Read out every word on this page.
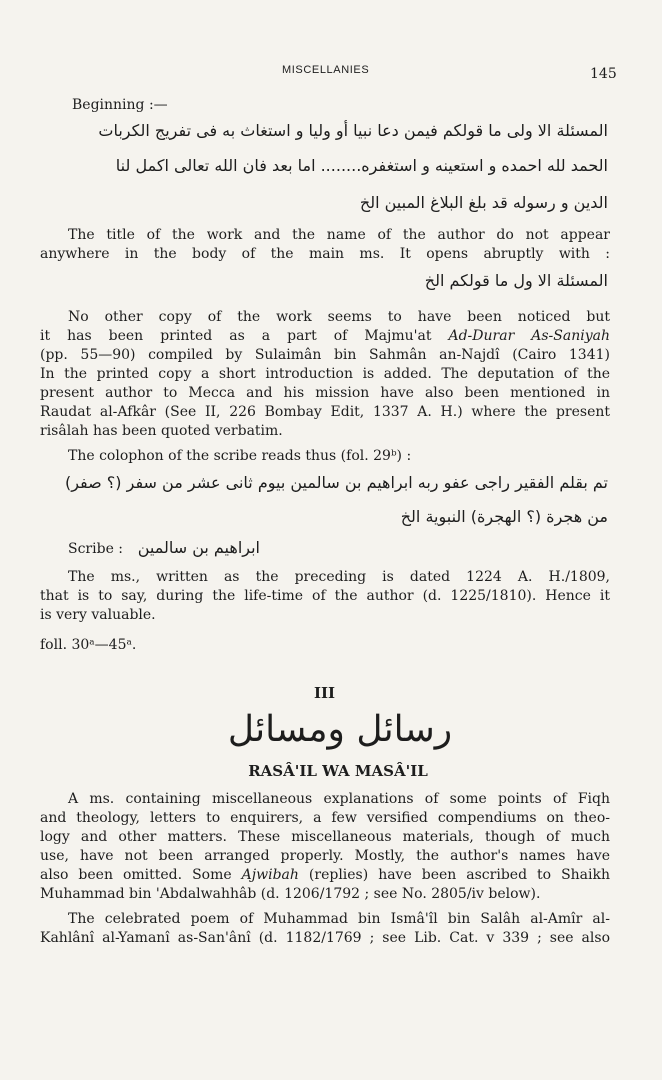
MISCELLANIES	145
Beginning :—
المسئلة الا ولى ما قولكم فيمن دعا نبيا أو وليا و استغاث به فى تفريج الكربات
الحمد لله احمده و استعينه و استغفره........ اما بعد فان الله تعالى اكمل لنا
الدين و رسوله قد بلغ البلاغ المبين الخ
The title of the work and the name of the author do not appear
anywhere in the body of the main ms. It opens abruptly with :
المسئلة الا ول ما قولكم الخ
No other copy of the work seems to have been noticed but
it has been printed as a part of Majmu'at Ad-Durar As-Saniyah
(pp. 55—90) compiled by Sulaimân bin Sahmân an-Najdî (Cairo 1341)
In the printed copy a short introduction is added. The deputation of the
present author to Mecca and his mission have also been mentioned in
Raudat al-Afkâr (See II, 226 Bombay Edit, 1337 A. H.) where the present
risâlah has been quoted verbatim.
The colophon of the scribe reads thus (fol. 29ᵇ) :
تم بقلم الفقير راجى عفو ربه ابراهيم بن سالمين بيوم ثانى عشر من سفر (؟ صفر)
من هجرة (؟ الهجرة) النبوية الخ
Scribe : ابراهيم بن سالمين
The ms., written as the preceding is dated 1224 A. H./1809,
that is to say, during the life-time of the author (d. 1225/1810). Hence it
is very valuable.
foll. 30ᵃ—45ᵃ.
III
رسائل ومسائل
RASÂ'IL WA MASÂ'IL
A ms. containing miscellaneous explanations of some points of Fiqh
and theology, letters to enquirers, a few versified compendiums on theo-
logy and other matters. These miscellaneous materials, though of much
use, have not been arranged properly. Mostly, the author's names have
also been omitted. Some Ajwibah (replies) have been ascribed to Shaikh
Muhammad bin 'Abdalwahhâb (d. 1206/1792 ; see No. 2805/iv below).
The celebrated poem of Muhammad bin Ismâ'îl bin Salâh al-Amîr al-
Kahlânî al-Yamanî as-San'ânî (d. 1182/1769 ; see Lib. Cat. v 339 ; see also
